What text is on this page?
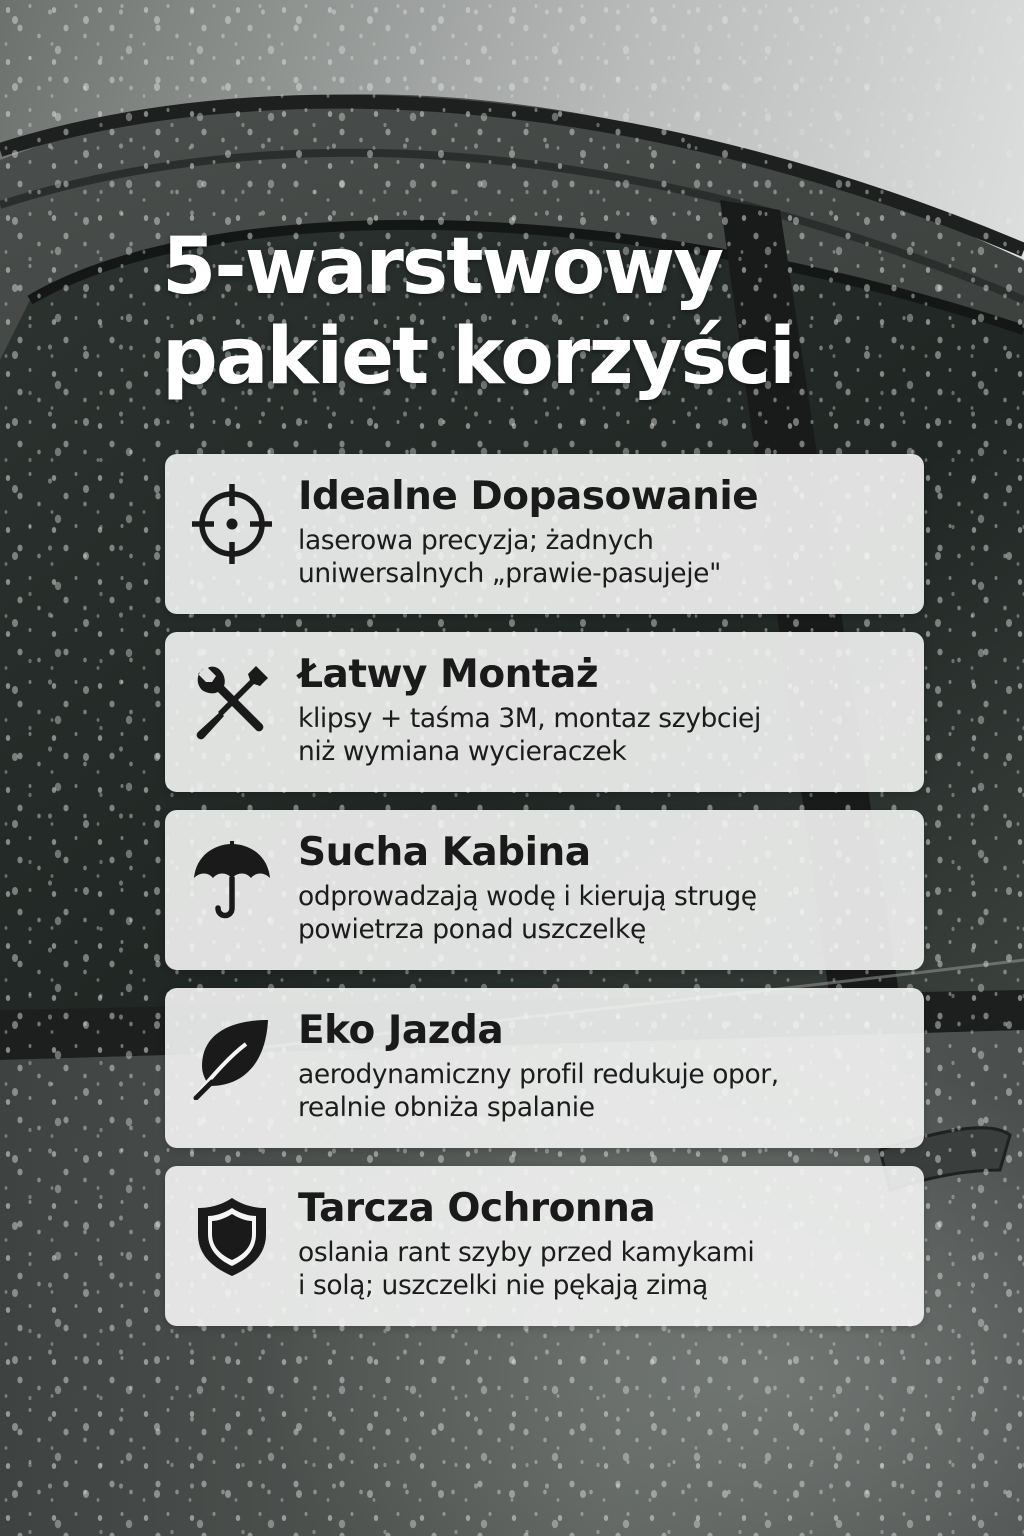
5-warstwowy
pakiet korzyści

Idealne Dopasowanie

laserowa precyzja; żadnych
uniwersalnych „prawie-pasujeje"

Łatwy Montaż

klipsy + taśma 3M, montaz szybciej
niż wymiana wycieraczek

Sucha Kabina

odprowadzają wodę i kierują strugę
powietrza ponad uszczelkę

Eko Jazda

aerodynamiczny profil redukuje opor,
realnie obniża spalanie

Tarcza Ochronna

oslania rant szyby przed kamykami
i solą; uszczelki nie pękają zimą
